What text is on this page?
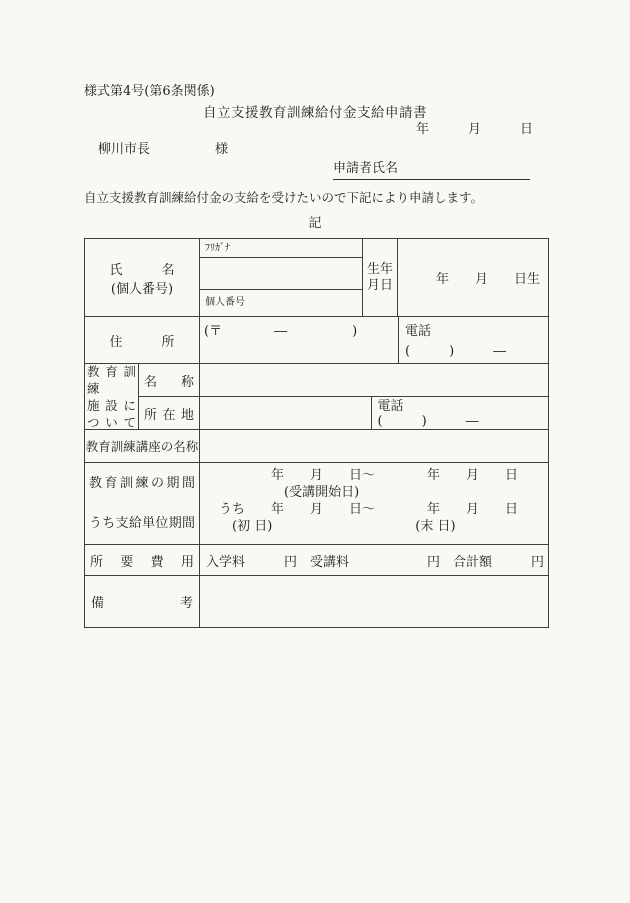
様式第4号(第6条関係)
自立支援教育訓練給付金支給申請書
年　　　月　　　日
柳川市長　　　　　様
申請者氏名
自立支援教育訓練給付金の支給を受けたいので下記により申請します。
記
氏　　　名
(個人番号)
ﾌﾘｶﾞﾅ
個人番号
生年
月日	年　　月　　日生
住　　　所
(〒　　　　―　　　　　)	電話
(　　　)　　　―
教育訓練
施設に
ついて
名称
所在地
電話
(　　　)　　　―
教育訓練講座の名称
教育訓練の期間
うち支給単位期間
　　　　　年　　月　　日～　　　　年　　月　　日
　　　　　　(受講開始日)
　うち　　年　　月　　日～　　　　年　　月　　日
　　(初 日)　　　　　　　　　　　(末 日)
所要費用 入学料　　　円　受講料　　　　　　円　合計額　　　円
備考
